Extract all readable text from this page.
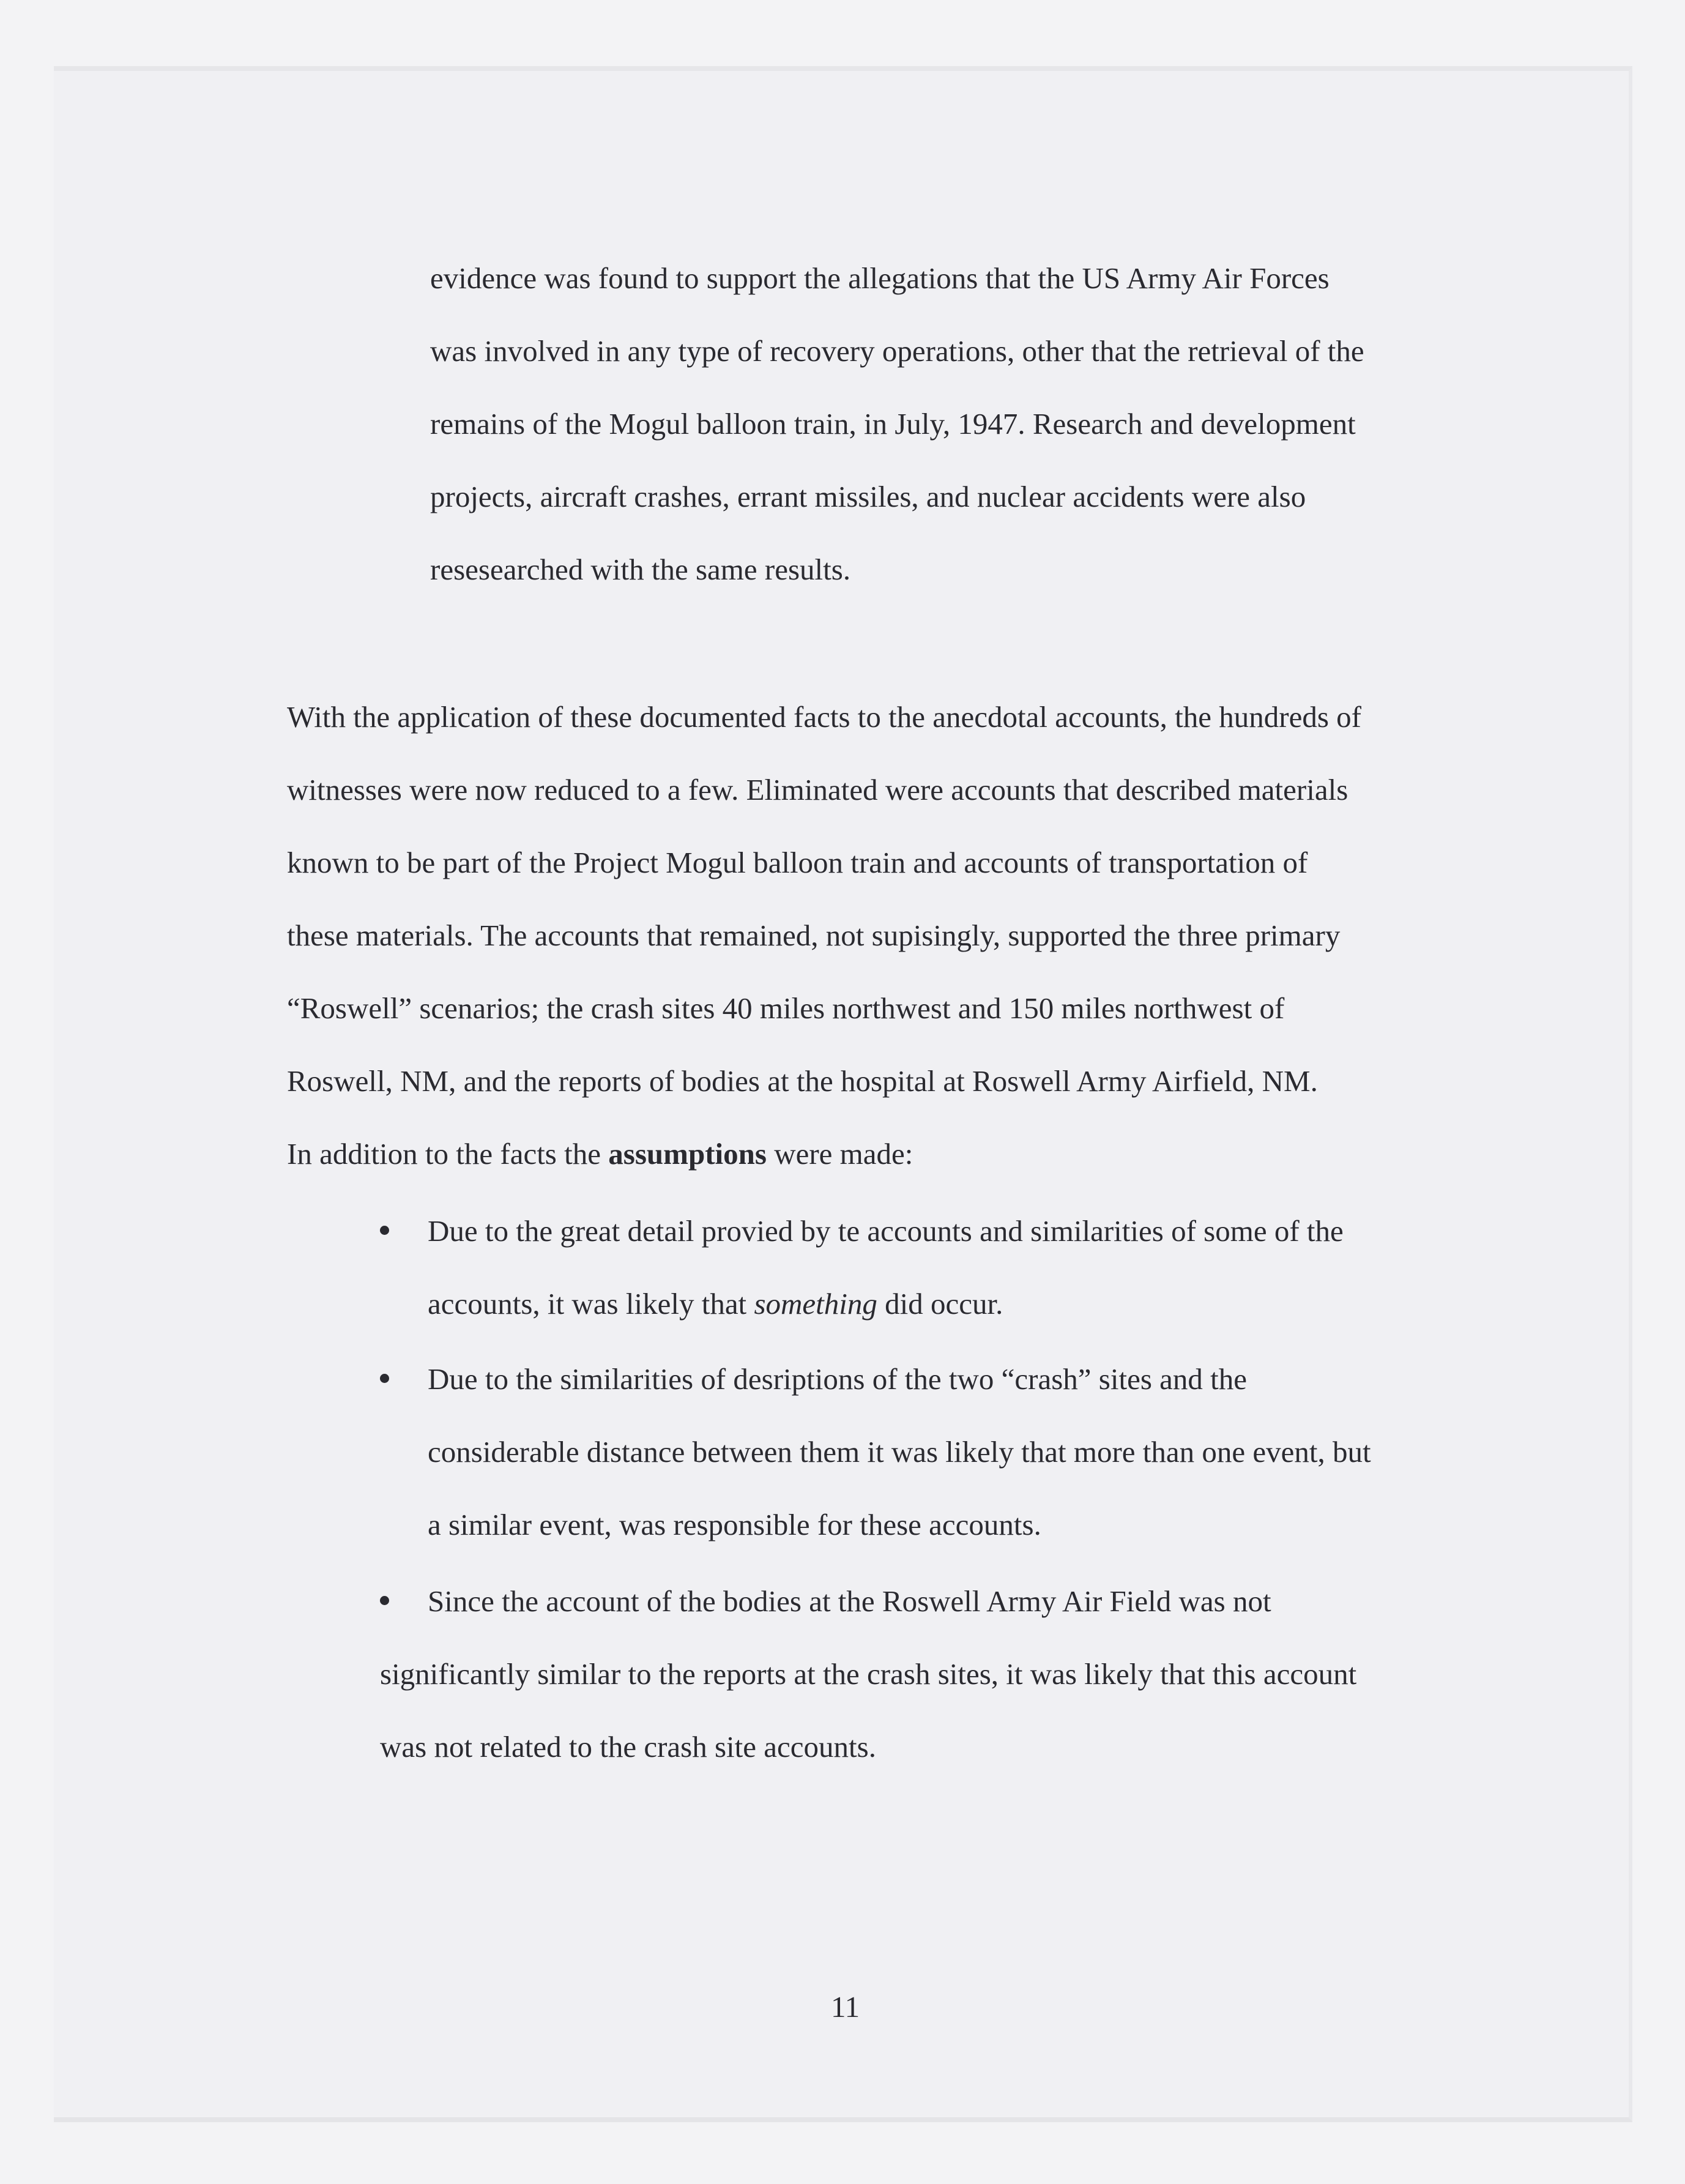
evidence was found to support the allegations that the US Army Air Forces
was involved in any type of recovery operations, other that the retrieval of the
remains of the Mogul balloon train, in July, 1947. Research and development
projects, aircraft crashes, errant missiles, and nuclear accidents were also
resesearched with the same results.
With the application of these documented facts to the anecdotal accounts, the hundreds of
witnesses were now reduced to a few. Eliminated were accounts that described materials
known to be part of the Project Mogul balloon train and accounts of transportation of
these materials. The accounts that remained, not supisingly, supported the three primary
“Roswell” scenarios; the crash sites 40 miles northwest and 150 miles northwest of
Roswell, NM, and the reports of bodies at the hospital at Roswell Army Airfield, NM.
In addition to the facts the assumptions were made:
Due to the great detail provied by te accounts and similarities of some of the
accounts, it was likely that something did occur.
Due to the similarities of desriptions of the two “crash” sites and the
considerable distance between them it was likely that more than one event, but
a similar event, was responsible for these accounts.
Since the account of the bodies at the Roswell Army Air Field was not
significantly similar to the reports at the crash sites, it was likely that this account
was not related to the crash site accounts.
11
